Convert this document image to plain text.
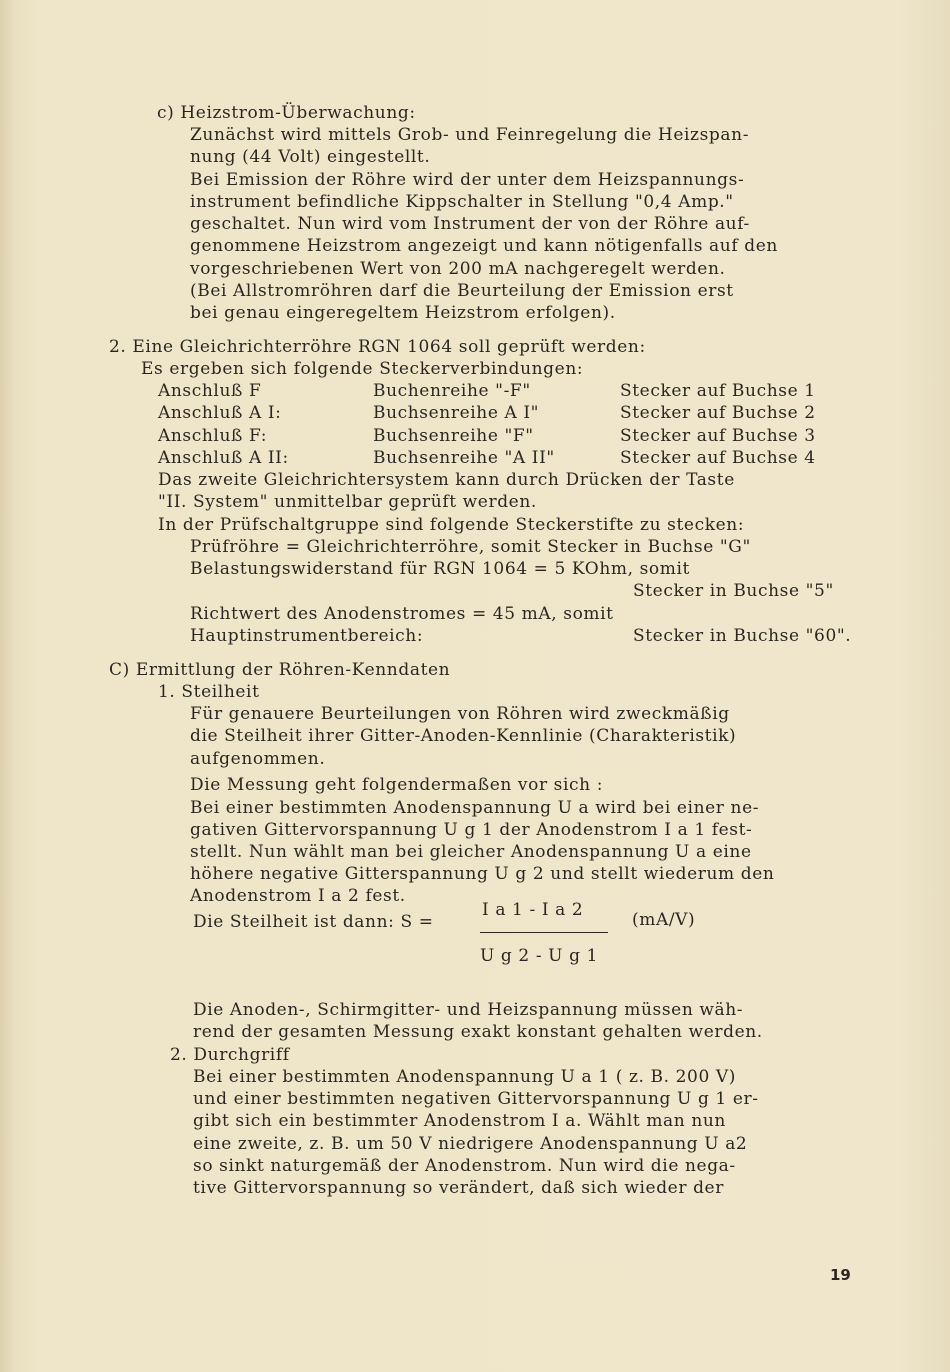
c) Heizstrom-Überwachung:
Zunächst wird mittels Grob- und Feinregelung die Heizspan-
nung (44 Volt) eingestellt.
Bei Emission der Röhre wird der unter dem Heizspannungs-
instrument befindliche Kippschalter in Stellung "0,4 Amp."
geschaltet. Nun wird vom Instrument der von der Röhre auf-
genommene Heizstrom angezeigt und kann nötigenfalls auf den
vorgeschriebenen Wert von 200 mA nachgeregelt werden.
(Bei Allstromröhren darf die Beurteilung der Emission erst
bei genau eingeregeltem Heizstrom erfolgen).
2. Eine Gleichrichterröhre RGN 1064 soll geprüft werden:
Es ergeben sich folgende Steckerverbindungen:
Anschluß F	Buchenreihe "-F"	Stecker auf Buchse 1
Anschluß A I:	Buchsenreihe A I"	Stecker auf Buchse 2
Anschluß F:	Buchsenreihe "F"	Stecker auf Buchse 3
Anschluß A II:	Buchsenreihe "A II"	Stecker auf Buchse 4
Das zweite Gleichrichtersystem kann durch Drücken der Taste
"II. System" unmittelbar geprüft werden.
In der Prüfschaltgruppe sind folgende Steckerstifte zu stecken:
Prüfröhre = Gleichrichterröhre, somit Stecker in Buchse "G"
Belastungswiderstand für RGN 1064 = 5 KOhm, somit
Stecker in Buchse "5"
Richtwert des Anodenstromes = 45 mA, somit
Hauptinstrumentbereich:	Stecker in Buchse "60".
C) Ermittlung der Röhren-Kenndaten
1. Steilheit
Für genauere Beurteilungen von Röhren wird zweckmäßig
die Steilheit ihrer Gitter-Anoden-Kennlinie (Charakteristik)
aufgenommen.
Die Messung geht folgendermaßen vor sich :
Bei einer bestimmten Anodenspannung U a wird bei einer ne-
gativen Gittervorspannung U g 1 der Anodenstrom I a 1 fest-
stellt. Nun wählt man bei gleicher Anodenspannung U a eine
höhere negative Gitterspannung U g 2 und stellt wiederum den
Anodenstrom I a 2 fest.
I a 1 - I a 2
Die Steilheit ist dann: S =	(mA/V)
U g 2 - U g 1
Die Anoden-, Schirmgitter- und Heizspannung müssen wäh-
rend der gesamten Messung exakt konstant gehalten werden.
2. Durchgriff
Bei einer bestimmten Anodenspannung U a 1 ( z. B. 200 V)
und einer bestimmten negativen Gittervorspannung U g 1 er-
gibt sich ein bestimmter Anodenstrom I a. Wählt man nun
eine zweite, z. B. um 50 V niedrigere Anodenspannung U a2
so sinkt naturgemäß der Anodenstrom. Nun wird die nega-
tive Gittervorspannung so verändert, daß sich wieder der
19
